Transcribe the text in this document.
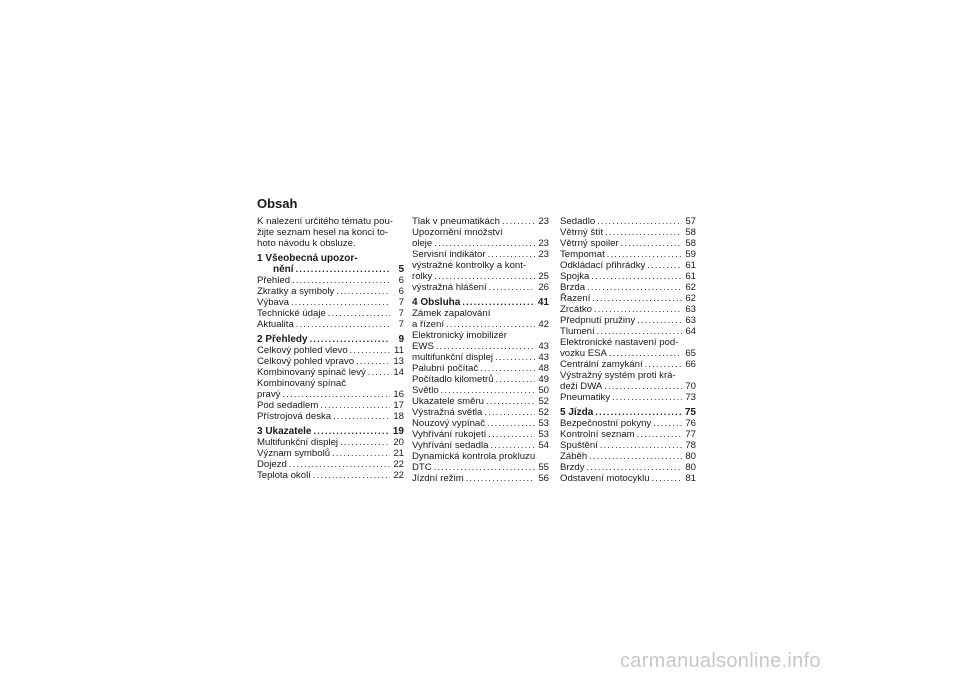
Obsah
K nalezení určitého tématu pou-
žijte seznam hesel na konci to-
hoto návodu k obsluze.
1 Všeobecná upozor-
nění . . .	5
Přehled . . .	6
Zkratky a symboly . . .	6
Výbava . . .	7
Technické údaje . . .	7
Aktualita . . .	7
2 Přehledy . . .	9
Celkový pohled vlevo . . .	11
Celkový pohled vpravo . . .	13
Kombinovaný spínač levý . . .	14
Kombinovaný spínač
pravý . . .	16
Pod sedadlem . . .	17
Přístrojová deska . . .	18
3 Ukazatele . . .	19
Multifunkční displej . . .	20
Význam symbolů . . .	21
Dojezd . . .	22
Teplota okolí . . .	22
Tlak v pneumatikách . . .	23
Upozornění množství
oleje . . .	23
Servisní indikátor . . .	23
výstražné kontrolky a kont-
rolky . . .	25
výstražná hlášení . . .	26
4 Obsluha . . .	41
Zámek zapalování
a řízení . . .	42
Elektronický imobilizér
EWS . . .	43
multifunkční displej . . .	43
Palubní počítač . . .	48
Počítadlo kilometrů . . .	49
Světlo . . .	50
Ukazatele směru . . .	52
Výstražná světla . . .	52
Nouzový vypínač . . .	53
Vyhřívání rukojetí . . .	53
Vyhřívání sedadla . . .	54
Dynamická kontrola prokluzu
DTC . . .	55
Jízdní režim . . .	56
Sedadlo . . .	57
Větrný štít . . .	58
Větrný spoiler . . .	58
Tempomat . . .	59
Odkládací přihrádky . . .	61
Spojka . . .	61
Brzda . . .	62
Řazení . . .	62
Zrcátko . . .	63
Předpnutí pružiny . . .	63
Tlumení . . .	64
Elektronické nastavení pod-
vozku ESA . . .	65
Centrální zamykání . . .	66
Výstražný systém proti krá-
deži DWA . . .	70
Pneumatiky . . .	73
5 Jízda . . .	75
Bezpečnostní pokyny . . .	76
Kontrolní seznam . . .	77
Spuštění . . .	78
Záběh . . .	80
Brzdy . . .	80
Odstavení motocyklu . . .	81
carmanualsonline.info
